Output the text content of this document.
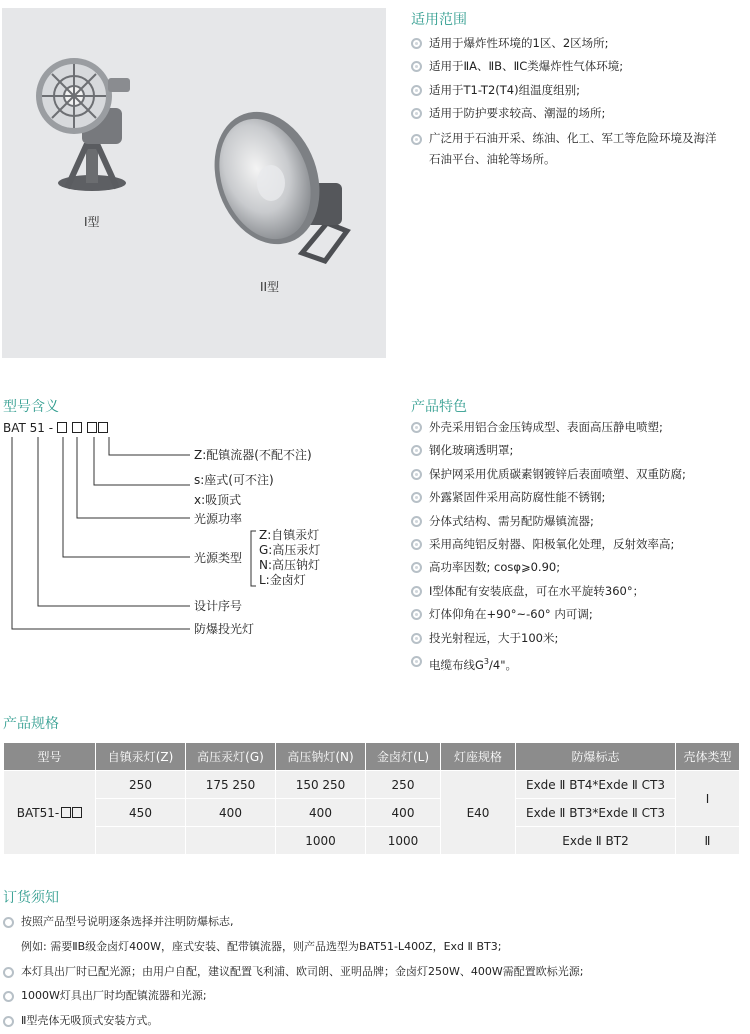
I型
II型
适用范围
适用于爆炸性环境的1区、2区场所;
适用于ⅡA、ⅡB、ⅡC类爆炸性气体环境;
适用于T1-T2(T4)组温度组别;
适用于防护要求较高、潮湿的场所;
广泛用于石油开采、练油、化工、军工等危险环境及海洋
石油平台、油轮等场所。
型号含义
BAT 51 -
Z:配镇流器(不配不注)
s:座式(可不注)
x:吸顶式
光源功率
Z:自镇汞灯
G:高压汞灯
光源类型 N:高压钠灯
L:金卤灯
设计序号
防爆投光灯
产品特色
外壳采用铝合金压铸成型、表面高压静电喷塑;
钢化玻璃透明罩;
保护网采用优质碳素钢镀锌后表面喷塑、双重防腐;
外露紧固件采用高防腐性能不锈钢;
分体式结构、需另配防爆镇流器;
采用高纯铝反射器、阳极氧化处理，反射效率高;
高功率因数; cosφ⩾0.90;
Ⅰ型体配有安装底盘，可在水平旋转360°；
灯体仰角在+90°~-60° 内可调;
投光射程远，大于100米;
电缆布线$G^3/4$"。
产品规格
型号	自镇汞灯(Z)	高压汞灯(G)	高压钠灯(N)	金卤灯(L)	灯座规格	防爆标志	壳体类型
BAT51-	250	175 250	150 250	250	E40	Exde Ⅱ BT4*Exde Ⅱ CT3	Ⅰ
	450	400	400	400		Exde Ⅱ BT3*Exde Ⅱ CT3	
			1000	1000		Exde Ⅱ BT2	Ⅱ
订货须知
按照产品型号说明逐条选择并注明防爆标志,
例如: 需要ⅡB级金卤灯400W，座式安装、配带镇流器，则产品选型为BAT51-L400Z，Exd Ⅱ BT3;
本灯具出厂时已配光源；由用户自配，建议配置飞利浦、欧司朗、亚明品牌；金卤灯250W、400W需配置欧标光源;
1000W灯具出厂时均配镇流器和光源;
Ⅱ型壳体无吸顶式安装方式。
